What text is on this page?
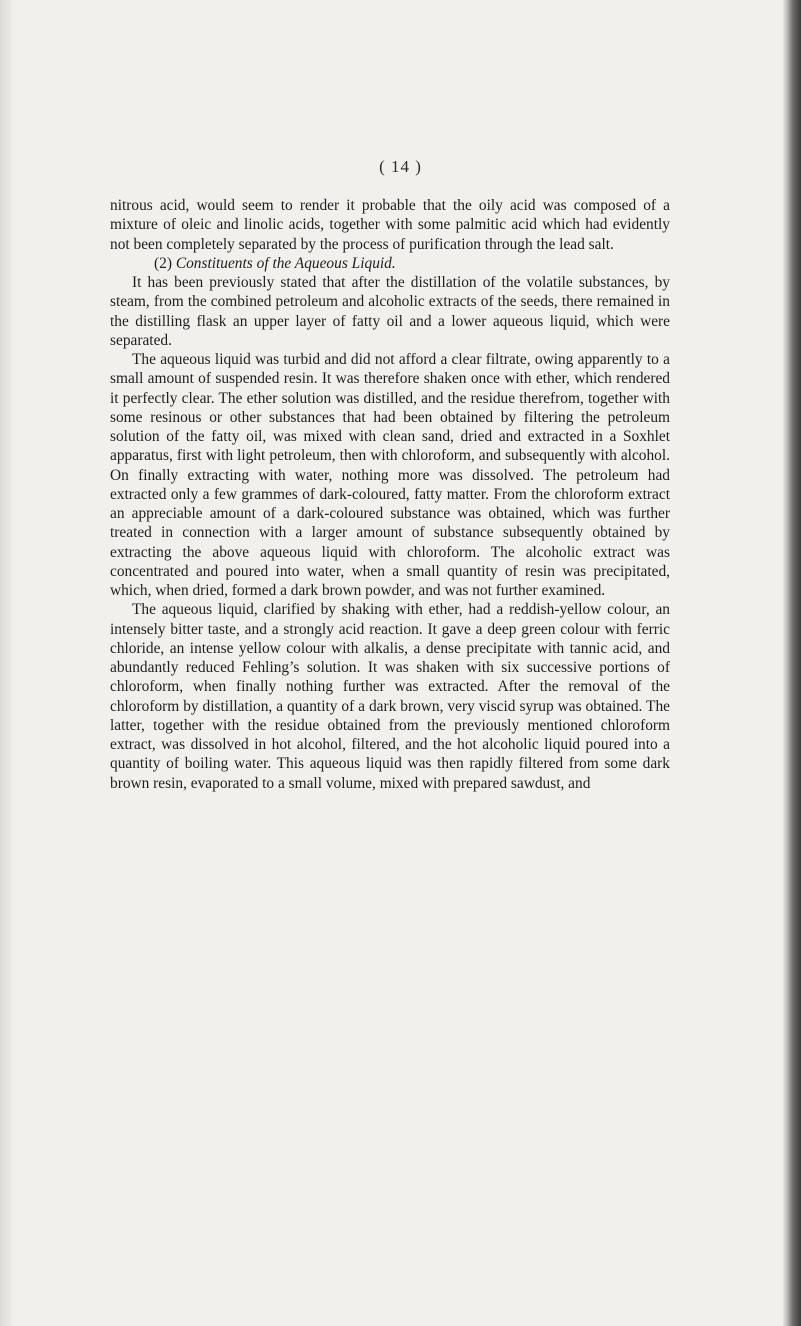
( 14 )

nitrous acid, would seem to render it probable that the oily acid was composed of a mixture of oleic and linolic acids, together with some palmitic acid which had evidently not been completely separated by the process of purification through the lead salt.

(2) Constituents of the Aqueous Liquid.

It has been previously stated that after the distillation of the volatile substances, by steam, from the combined petroleum and alcoholic extracts of the seeds, there remained in the distilling flask an upper layer of fatty oil and a lower aqueous liquid, which were separated.

The aqueous liquid was turbid and did not afford a clear filtrate, owing apparently to a small amount of suspended resin. It was therefore shaken once with ether, which rendered it perfectly clear. The ether solution was distilled, and the residue therefrom, together with some resinous or other substances that had been obtained by filtering the petroleum solution of the fatty oil, was mixed with clean sand, dried and extracted in a Soxhlet apparatus, first with light petroleum, then with chloroform, and subsequently with alcohol. On finally extracting with water, nothing more was dissolved. The petroleum had extracted only a few grammes of dark-coloured, fatty matter. From the chloroform extract an appreciable amount of a dark-coloured substance was obtained, which was further treated in connection with a larger amount of substance subsequently obtained by extracting the above aqueous liquid with chloroform. The alcoholic extract was concentrated and poured into water, when a small quantity of resin was precipitated, which, when dried, formed a dark brown powder, and was not further examined.

The aqueous liquid, clarified by shaking with ether, had a reddish-yellow colour, an intensely bitter taste, and a strongly acid reaction. It gave a deep green colour with ferric chloride, an intense yellow colour with alkalis, a dense precipitate with tannic acid, and abundantly reduced Fehling’s solution. It was shaken with six successive portions of chloroform, when finally nothing further was extracted. After the removal of the chloroform by distillation, a quantity of a dark brown, very viscid syrup was obtained. The latter, together with the residue obtained from the previously mentioned chloroform extract, was dissolved in hot alcohol, filtered, and the hot alcoholic liquid poured into a quantity of boiling water. This aqueous liquid was then rapidly filtered from some dark brown resin, evaporated to a small volume, mixed with prepared sawdust, and
